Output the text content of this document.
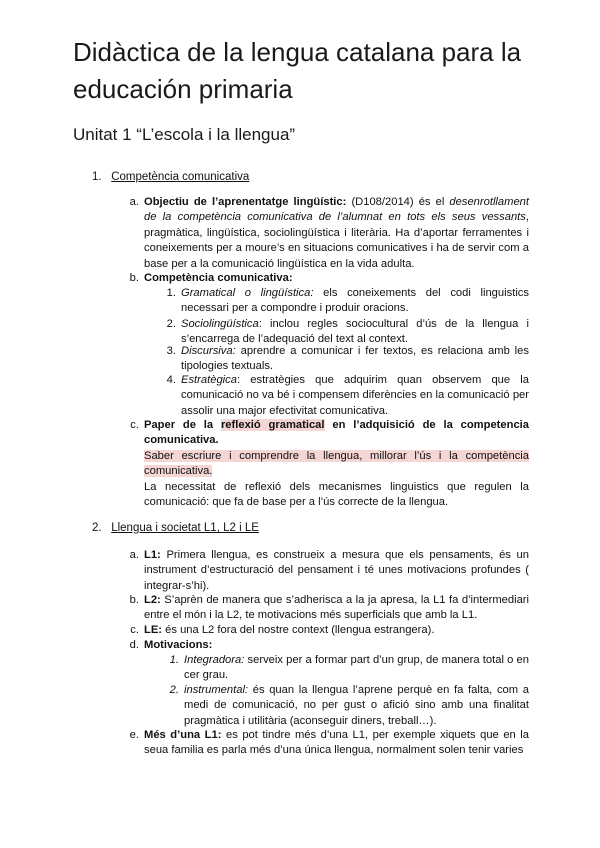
Didàctica de la lengua catalana para la educación primaria
Unitat 1 “L’escola i la llengua”
1. Competència comunicativa

a. Objectiu de l’aprenentatge lingüístic: (D108/2014) és el desenrotllament de la competència comunicativa de l’alumnat en tots els seus vessants, pragmàtica, lingüística, sociolingüística i literària. Ha d’aportar ferramentes i coneixements per a moure’s en situacions comunicatives i ha de servir com a base per a la comunicació lingüística en la vida adulta.

b. Competència comunicativa:

1. Gramatical o lingüística: els coneixements del codi linguistics necessari per a compondre i produir oracions.

2. Sociolingüística: inclou regles sociocultural d’ús de la llengua i s’encarrega de l’adequació del text al context.

3. Discursiva: aprendre a comunicar i fer textos, es relaciona amb les tipologies textuals.

4. Estratègica: estratègies que adquirim quan observem que la comunicació no va bé i compensem diferències en la comunicació per assolir una major efectivitat comunicativa.

c. Paper de la reflexió gramatical en l’adquisició de la competencia comunicativa.
Saber escriure i comprendre la llengua, millorar l’ús i la competència comunicativa.
La necessitat de reflexió dels mecanismes linguistics que regulen la comunicació: que fa de base per a l’ús correcte de la llengua.

2. Llengua i societat L1, L2 i LE

a. L1: Primera llengua, es construeix a mesura que els pensaments, és un instrument d’estructuració del pensament i té unes motivacions profundes ( integrar-s’hi).

b. L2: S’aprèn de manera que s’adherisca a la ja apresa, la L1 fa d’intermediari entre el món i la L2, te motivacions més superficials que amb la L1.

c. LE: és una L2 fora del nostre context (llengua estrangera).

d. Motivacions:

1. Integradora: serveix per a formar part d’un grup, de manera total o en cer grau.

2. instrumental: és quan la llengua l’aprene perquè en fa falta, com a medi de comunicació, no per gust o afició sino amb una finalitat pragmàtica i utilitària (aconseguir diners, treball…).

e. Més d’una L1: es pot tindre més d’una L1, per exemple xiquets que en la seua familia es parla més d’una única llengua, normalment solen tenir varies
